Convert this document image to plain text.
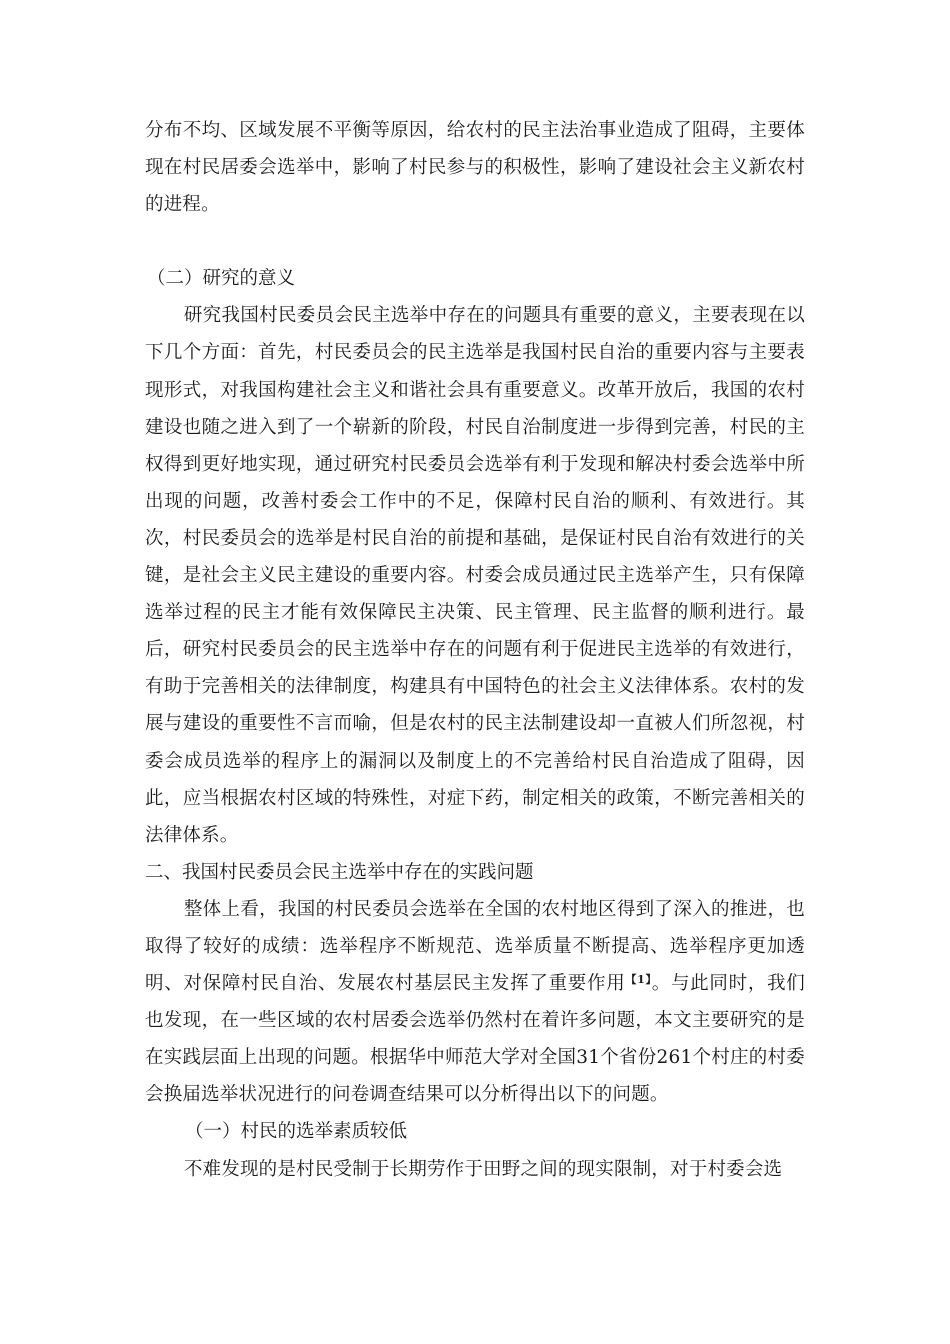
分布不均、区域发展不平衡等原因，给农村的民主法治事业造成了阻碍，主要体现在村民居委会选举中，影响了村民参与的积极性，影响了建设社会主义新农村的进程。

（二）研究的意义

研究我国村民委员会民主选举中存在的问题具有重要的意义，主要表现在以下几个方面：首先，村民委员会的民主选举是我国村民自治的重要内容与主要表现形式，对我国构建社会主义和谐社会具有重要意义。改革开放后，我国的农村建设也随之进入到了一个崭新的阶段，村民自治制度进一步得到完善，村民的主权得到更好地实现，通过研究村民委员会选举有利于发现和解决村委会选举中所出现的问题，改善村委会工作中的不足，保障村民自治的顺利、有效进行。其次，村民委员会的选举是村民自治的前提和基础，是保证村民自治有效进行的关键，是社会主义民主建设的重要内容。村委会成员通过民主选举产生，只有保障选举过程的民主才能有效保障民主决策、民主管理、民主监督的顺利进行。最后，研究村民委员会的民主选举中存在的问题有利于促进民主选举的有效进行，有助于完善相关的法律制度，构建具有中国特色的社会主义法律体系。农村的发展与建设的重要性不言而喻，但是农村的民主法制建设却一直被人们所忽视，村委会成员选举的程序上的漏洞以及制度上的不完善给村民自治造成了阻碍，因此，应当根据农村区域的特殊性，对症下药，制定相关的政策，不断完善相关的法律体系。

二、我国村民委员会民主选举中存在的实践问题

整体上看，我国的村民委员会选举在全国的农村地区得到了深入的推进，也取得了较好的成绩：选举程序不断规范、选举质量不断提高、选举程序更加透明、对保障村民自治、发展农村基层民主发挥了重要作用$^{【1】}$。与此同时，我们也发现，在一些区域的农村居委会选举仍然村在着许多问题，本文主要研究的是在实践层面上出现的问题。根据华中师范大学对全国31个省份261个村庄的村委会换届选举状况进行的问卷调查结果可以分析得出以下的问题。

（一）村民的选举素质较低

不难发现的是村民受制于长期劳作于田野之间的现实限制，对于村委会选
